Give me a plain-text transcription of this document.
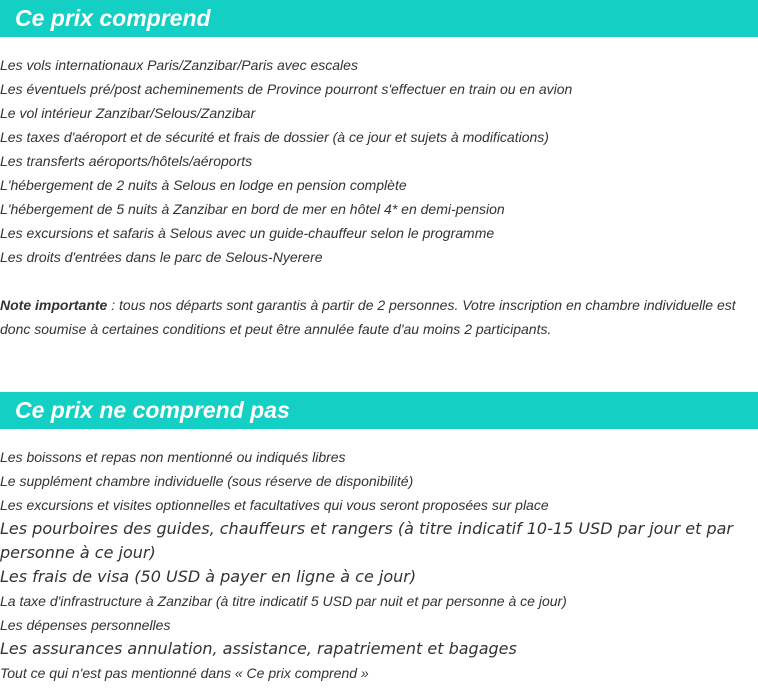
Ce prix comprend
Les vols internationaux Paris/Zanzibar/Paris avec escales
Les éventuels pré/post acheminements de Province pourront s'effectuer en train ou en avion
Le vol intérieur Zanzibar/Selous/Zanzibar
Les taxes d'aéroport et de sécurité et frais de dossier (à ce jour et sujets à modifications)
Les transferts aéroports/hôtels/aéroports
L'hébergement de 2 nuits à Selous en lodge en pension complète
L'hébergement de 5 nuits à Zanzibar en bord de mer en hôtel 4* en demi-pension
Les excursions et safaris à Selous avec un guide-chauffeur selon le programme
Les droits d'entrées dans le parc de Selous-Nyerere

Note importante : tous nos départs sont garantis à partir de 2 personnes. Votre inscription en chambre individuelle est donc soumise à certaines conditions et peut être annulée faute d'au moins 2 participants.

Ce prix ne comprend pas
Les boissons et repas non mentionné ou indiqués libres
Le supplément chambre individuelle (sous réserve de disponibilité)
Les excursions et visites optionnelles et facultatives qui vous seront proposées sur place
Les pourboires des guides, chauffeurs et rangers (à titre indicatif 10-15 USD par jour et par personne à ce jour)
Les frais de visa (50 USD à payer en ligne à ce jour)
La taxe d'infrastructure à Zanzibar (à titre indicatif 5 USD par nuit et par personne à ce jour)
Les dépenses personnelles
Les assurances annulation, assistance, rapatriement et bagages
Tout ce qui n'est pas mentionné dans « Ce prix comprend »
